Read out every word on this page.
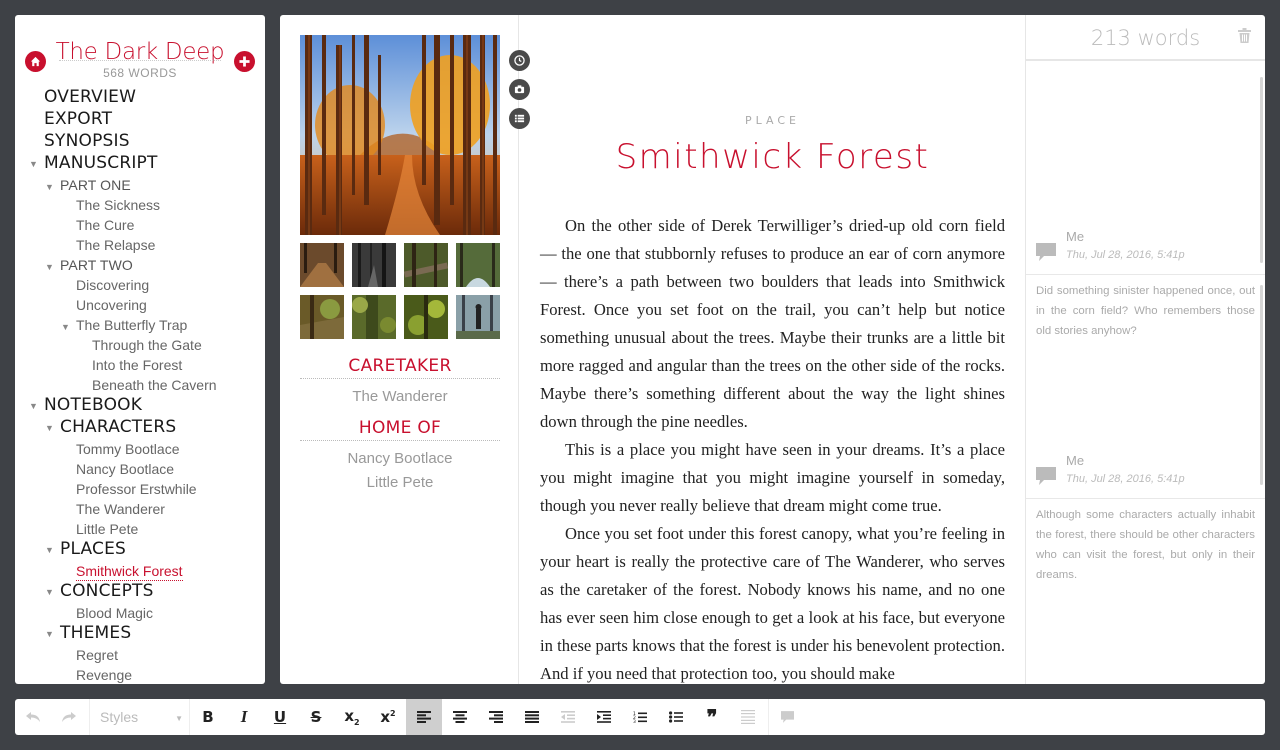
The Dark Deep
568 WORDS
OVERVIEW
EXPORT
SYNOPSIS
▼ MANUSCRIPT
▼ PART ONE
The Sickness
The Cure
The Relapse
▼ PART TWO
Discovering
Uncovering
▼ The Butterfly Trap
Through the Gate
Into the Forest
Beneath the Cavern
▼ NOTEBOOK
▼ CHARACTERS
Tommy Bootlace
Nancy Bootlace
Professor Erstwhile
The Wanderer
Little Pete
▼ PLACES
Smithwick Forest
▼ CONCEPTS
Blood Magic
▼ THEMES
Regret
Revenge
CARETAKER
The Wanderer
HOME OF
Nancy Bootlace
Little Pete
PLACE
Smithwick Forest

On the other side of Derek Terwilliger’s dried-up old corn field — the one that stubbornly refuses to produce an ear of corn anymore — there’s a path between two boulders that leads into Smithwick Forest. Once you set foot on the trail, you can’t help but notice something unusual about the trees. Maybe their trunks are a little bit more ragged and angular than the trees on the other side of the rocks. Maybe there’s something different about the way the light shines down through the pine needles.

This is a place you might have seen in your dreams. It’s a place you might imagine that you might imagine yourself in someday, though you never really believe that dream might come true.

Once you set foot under this forest canopy, what you’re feeling in your heart is really the protective care of The Wanderer, who serves as the caretaker of the forest. Nobody knows his name, and no one has ever seen him close enough to get a look at his face, but everyone in these parts knows that the forest is under his benevolent protection. And if you need that protection too, you should make

213 words
Me
Thu, Jul 28, 2016, 5:41p
Did something sinister happened once, out in the corn field? Who remembers those old stories anyhow?
Me
Thu, Jul 28, 2016, 5:41p
Although some characters actually inhabit the forest, there should be other characters who can visit the forest, but only in their dreams.
Styles	▼ B I U S $x_2$ $x^2$	1
2
3	❞
